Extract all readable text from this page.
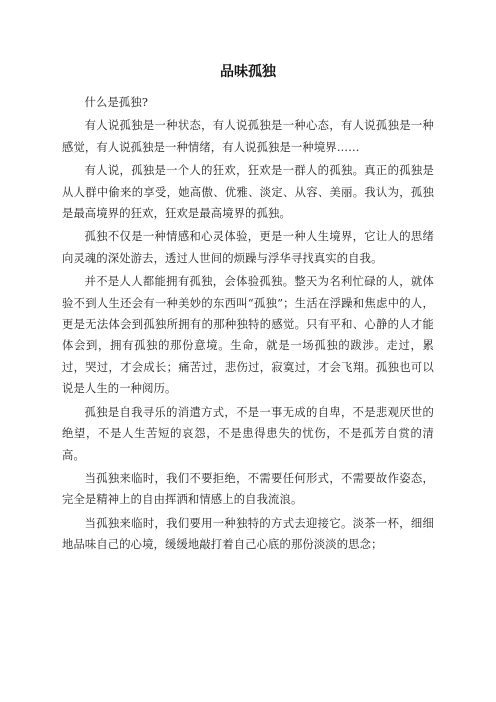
品味孤独

什么是孤独?

有人说孤独是一种状态，有人说孤独是一种心态，有人说孤独是一种感觉，有人说孤独是一种情绪，有人说孤独是一种境界……

有人说，孤独是一个人的狂欢，狂欢是一群人的孤独。真正的孤独是从人群中偷来的享受，她高傲、优雅、淡定、从容、美丽。我认为，孤独是最高境界的狂欢，狂欢是最高境界的孤独。

孤独不仅是一种情感和心灵体验，更是一种人生境界，它让人的思绪向灵魂的深处游去，透过人世间的烦躁与浮华寻找真实的自我。

并不是人人都能拥有孤独，会体验孤独。整天为名利忙碌的人，就体验不到人生还会有一种美妙的东西叫“孤独”；生活在浮躁和焦虑中的人，更是无法体会到孤独所拥有的那种独特的感觉。只有平和、心静的人才能体会到，拥有孤独的那份意境。生命，就是一场孤独的跋涉。走过，累过，哭过，才会成长；痛苦过，悲伤过，寂寞过，才会飞翔。孤独也可以说是人生的一种阅历。

孤独是自我寻乐的消遣方式，不是一事无成的自卑，不是悲观厌世的绝望，不是人生苦短的哀怨，不是患得患失的忧伤，不是孤芳自赏的清高。

当孤独来临时，我们不要拒绝，不需要任何形式，不需要故作姿态，完全是精神上的自由挥洒和情感上的自我流浪。

当孤独来临时，我们要用一种独特的方式去迎接它。淡茶一杯，细细地品味自己的心境，缓缓地敲打着自己心底的那份淡淡的思念；
